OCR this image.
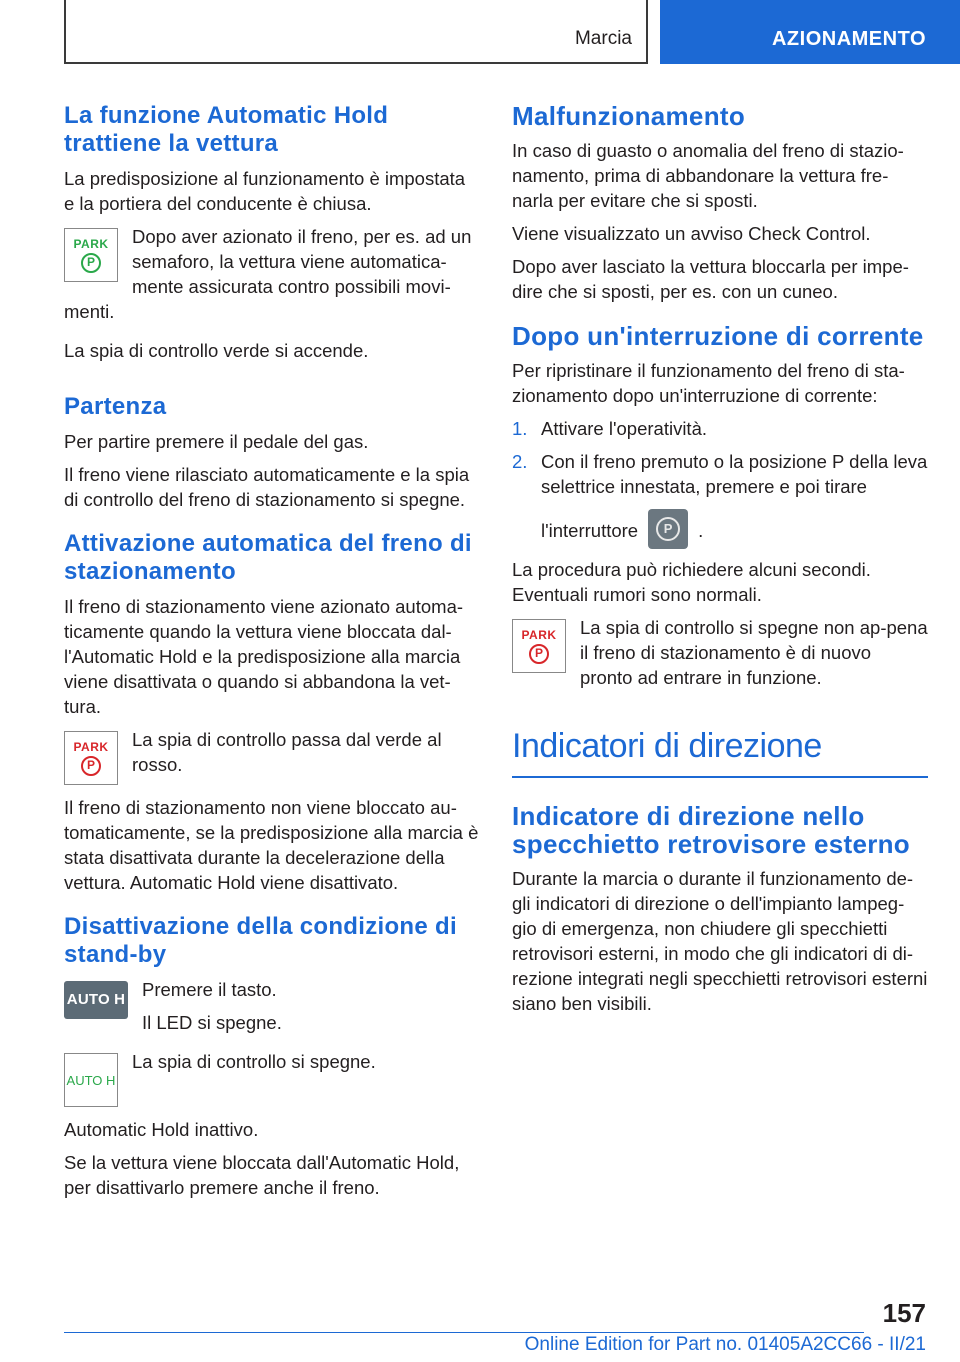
Marcia	AZIONAMENTO
La funzione Automatic Hold trattiene la vettura

La predisposizione al funzionamento è impostata e la portiera del conducente è chiusa.

PARK
P

Dopo aver azionato il freno, per es. ad un semaforo, la vettura viene automatica-mente assicurata contro possibili movi-menti.

La spia di controllo verde si accende.

Partenza

Per partire premere il pedale del gas.

Il freno viene rilasciato automaticamente e la spia di controllo del freno di stazionamento si spegne.

Attivazione automatica del freno di stazionamento

Il freno di stazionamento viene azionato automa-ticamente quando la vettura viene bloccata dal-l'Automatic Hold e la predisposizione alla marcia viene disattivata o quando si abbandona la vet-tura.

PARK
P

La spia di controllo passa dal verde al rosso.

Il freno di stazionamento non viene bloccato au-tomaticamente, se la predisposizione alla marcia è stata disattivata durante la decelerazione della vettura. Automatic Hold viene disattivato.

Disattivazione della condizione di stand-by
AUTO H Premere il tasto.

Il LED si spegne.

AUTO H

La spia di controllo si spegne.

Automatic Hold inattivo.

Se la vettura viene bloccata dall'Automatic Hold, per disattivarlo premere anche il freno.

Malfunzionamento

In caso di guasto o anomalia del freno di stazio-namento, prima di abbandonare la vettura fre-narla per evitare che si sposti.

Viene visualizzato un avviso Check Control.

Dopo aver lasciato la vettura bloccarla per impe-dire che si sposti, per es. con un cuneo.

Dopo un'interruzione di corrente

Per ripristinare il funzionamento del freno di sta-zionamento dopo un'interruzione di corrente:

1. Attivare l'operatività.
2. Con il freno premuto o la posizione P della leva selettrice innestata, premere e poi tirare
l'interruttore	P	.

La procedura può richiedere alcuni secondi.

Eventuali rumori sono normali.

PARK
P

La spia di controllo si spegne non ap-pena il freno di stazionamento è di nuovo pronto ad entrare in funzione.

Indicatori di direzione
Indicatore di direzione nello specchietto retrovisore esterno

Durante la marcia o durante il funzionamento de-gli indicatori di direzione o dell'impianto lampeg-gio di emergenza, non chiudere gli specchietti retrovisori esterni, in modo che gli indicatori di di-rezione integrati negli specchietti retrovisori esterni siano ben visibili.

157
Online Edition for Part no. 01405A2CC66 - II/21
